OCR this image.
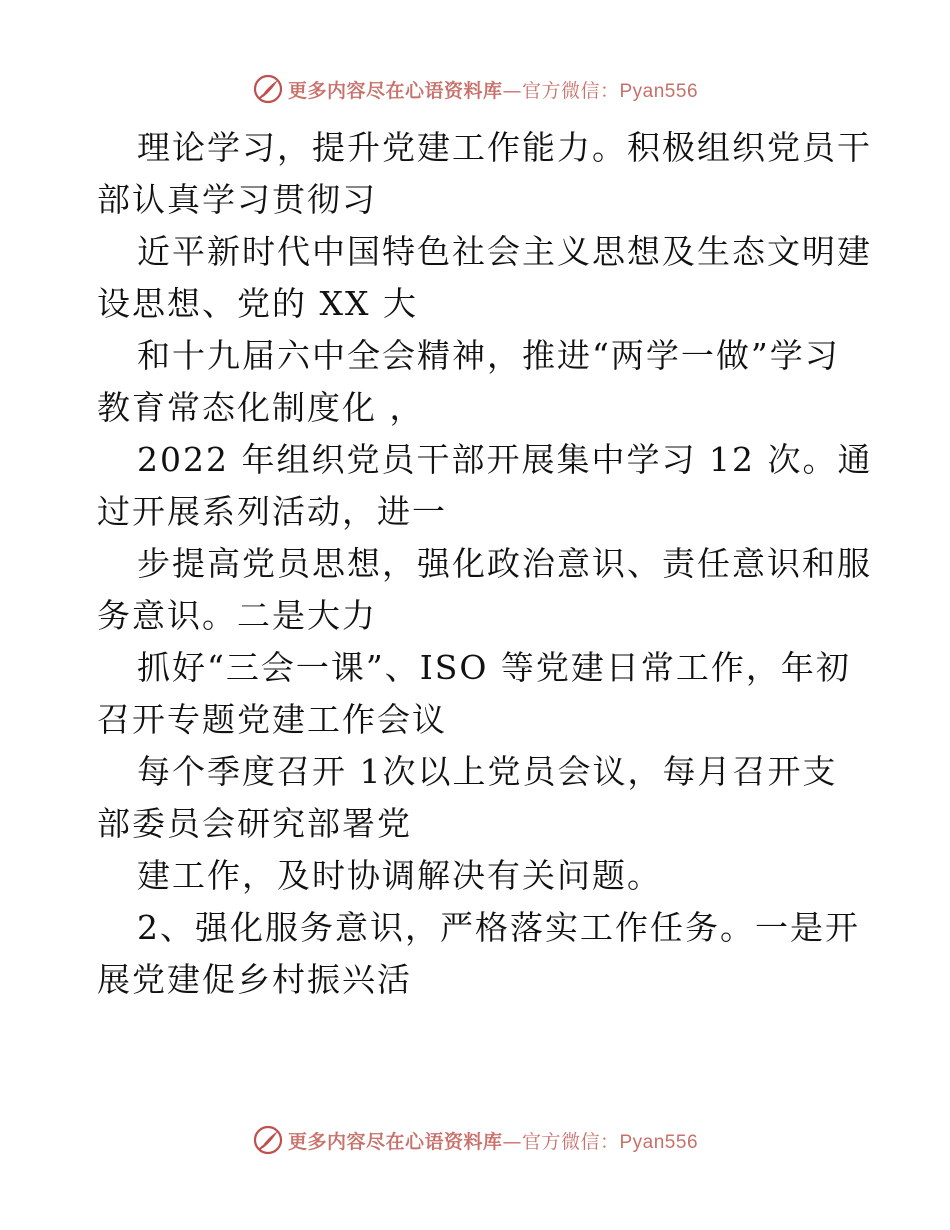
更多内容尽在心语资料库—官方微信：Pyan556

理论学习，提升党建工作能力。积极组织党员干
部认真学习贯彻习

近平新时代中国特色社会主义思想及生态文明建
设思想、党的 XX 大

和十九届六中全会精神，推进“两学一做”学习
教育常态化制度化 ，

2022 年组织党员干部开展集中学习 12 次。通
过开展系列活动，进一

步提高党员思想，强化政治意识、责任意识和服
务意识。二是大力

抓好“三会一课”、ISO 等党建日常工作，年初
召开专题党建工作会议

每个季度召开 1次以上党员会议，每月召开支
部委员会研究部署党

建工作，及时协调解决有关问题。

2、强化服务意识，严格落实工作任务。一是开
展党建促乡村振兴活

更多内容尽在心语资料库—官方微信：Pyan556
